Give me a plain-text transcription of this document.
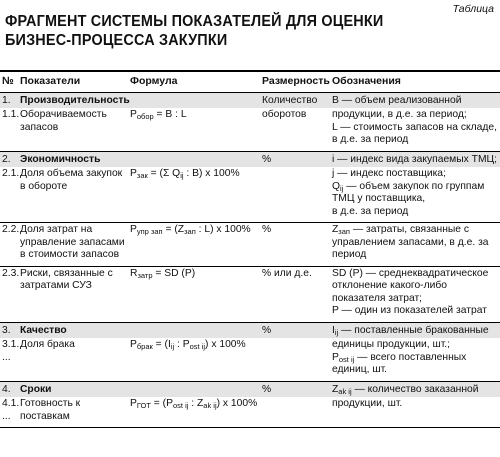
Таблица
ФРАГМЕНТ СИСТЕМЫ ПОКАЗАТЕЛЕЙ ДЛЯ ОЦЕНКИ БИЗНЕС-ПРОЦЕССА ЗАКУПКИ
№	Показатели	Формула	Размерность	Обозначения
1.	Производительность		Количество	B — объем реализованной
1.1.	Оборачиваемость запасов	$P_{обор} = B$ : L	оборотов	продукции, в д.е. за период;
L — стоимость запасов на складе, в д.е. за период

2.	Экономичность		%	i — индекс вида закупаемых ТМЦ;
2.1.	Доля объема закупок в обороте	$P_{зак} = (\Sigma$ $Q_{ij}$ : B) x 100%		j — индекс поставщика;
$Q_{ij}$ — объем закупок по группам ТМЦ у поставщика,
в д.е. за период

2.2.	Доля затрат на управление запасами в стоимости запасов	$P_{упр зап} = (Z_{зап}$ : L) x 100%	%	$Z_{зап}$ — затраты, связанные с управлением запасами, в д.е. за период
2.3.	Риски, связанные с затратами СУЗ	$R_{затр}$ = SD (P)	% или д.е.	SD (P) — среднеквадратическое отклонение какого-либо показателя затрат;
P — один из показателей затрат

3.	Качество		%	$I_{ij}$ — поставленные бракованные

3.1.
...	Доля брака	$P_{брак} = (I_{ij}$ : $P_{ost ij}$) x 100%		единицы продукции, шт.;
$P_{ost ij}$ — всего поставленных единиц, шт.

4.	Сроки		%	$Z_{ak ij}$ — количество заказанной

4.1.
...	Готовность к поставкам	$P_{ГОТ} = (P_{ost ij}$ : $Z_{ak ij}$) x 100%		продукции, шт.
